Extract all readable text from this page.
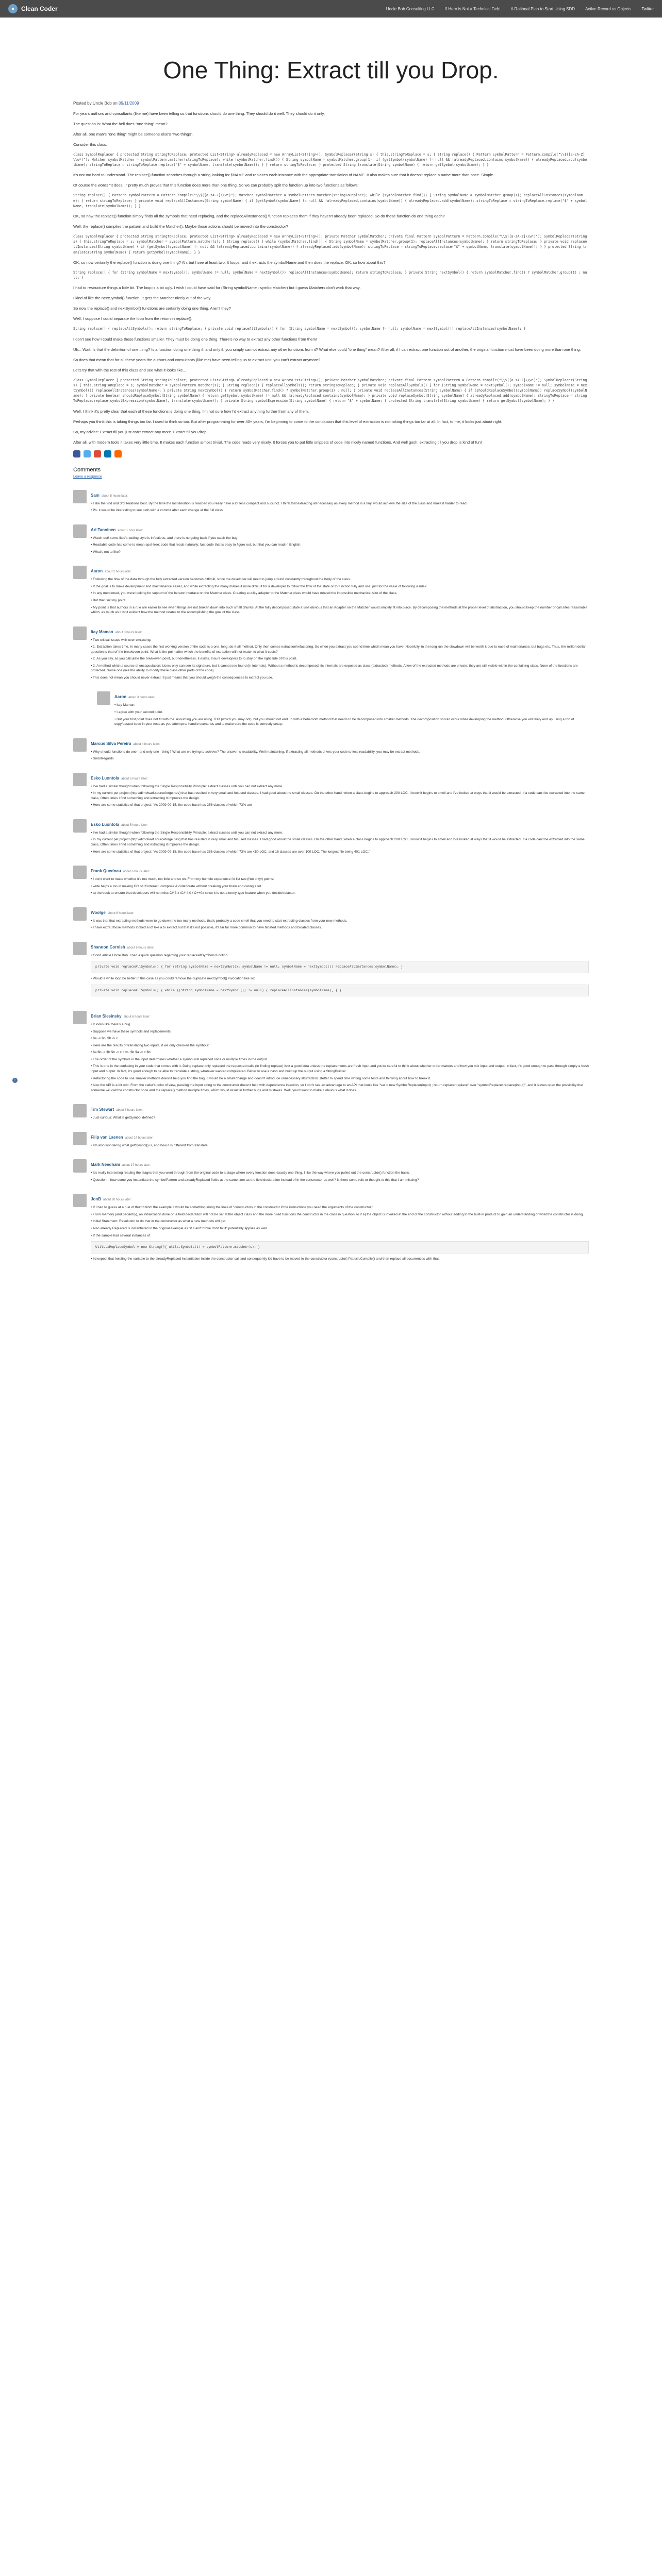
●	Clean Coder	Uncle Bob Consulting LLC	If Hero is Not a Technical Debt	A Rational Plan to Start Using SDD	Active Record vs Objects	Twitter
↑
One Thing: Extract till you Drop.
Posted by Uncle Bob on 09/11/2009

For years authors and consultants (like me) have been telling us that functions should do one thing. They should do it well. They should do it only.

The question is: What the hell does "one thing" mean?

After all, one man's "one thing" might be someone else's "two things".

Consider this class:

class SymbolReplacer { protected String stringToReplace; protected List<String> alreadyReplaced = new ArrayList<String>(); SymbolReplacer(String s) { this.stringToReplace = s; } String replace() { Pattern symbolPattern = Pattern.compile("\\$([a-zA-Z]\\w*)"); Matcher symbolMatcher = symbolPattern.matcher(stringToReplace); while (symbolMatcher.find()) { String symbolName = symbolMatcher.group(1); if (getSymbol(symbolName) != null && !alreadyReplaced.contains(symbolName)) { alreadyReplaced.add(symbolName); stringToReplace = stringToReplace.replace("$" + symbolName, translate(symbolName)); } } return stringToReplace; } protected String translate(String symbolName) { return getSymbol(symbolName); } }

It's not too hard to understand. The replace() function searches through a string looking for $NAME and replaces each instance with the appropriate translation of NAME. It also makes sure that it doesn't replace a name more than once. Simple.

Of course the words "It does..." pretty much proves that this function does more than one thing. So we can probably split the function up into two functions as follows:

String replace() { Pattern symbolPattern = Pattern.compile("\\$([a-zA-Z]\\w*)"); Matcher symbolMatcher = symbolPattern.matcher(stringToReplace); while (symbolMatcher.find()) { String symbolName = symbolMatcher.group(1); replaceAllInstances(symbolName); } return stringToReplace; } private void replaceAllInstances(String symbolName) { if (getSymbol(symbolName) != null && !alreadyReplaced.contains(symbolName)) { alreadyReplaced.add(symbolName); stringToReplace = stringToReplace.replace("$" + symbolName, translate(symbolName)); } }

OK, so now the replace() function simply finds all the symbols that need replacing, and the replaceAllInstances() function replaces them if they haven't already been replaced. So do these function do one thing each?

Well, the replace() compiles the pattern and build the Matcher(). Maybe those actions should be moved into the constructor?

class SymbolReplacer { protected String stringToReplace; protected List<String> alreadyReplaced = new ArrayList<String>(); private Matcher symbolMatcher; private final Pattern symbolPattern = Pattern.compile("\\$([a-zA-Z]\\w*)"); SymbolReplacer(String s) { this.stringToReplace = s; symbolMatcher = symbolPattern.matcher(s); } String replace() { while (symbolMatcher.find()) { String symbolName = symbolMatcher.group(1); replaceAllInstances(symbolName); } return stringToReplace; } private void replaceAllInstances(String symbolName) { if (getSymbol(symbolName) != null && !alreadyReplaced.contains(symbolName)) { alreadyReplaced.add(symbolName); stringToReplace = stringToReplace.replace("$" + symbolName, translate(symbolName)); } } protected String translate(String symbolName) { return getSymbol(symbolName); } }

OK, so now certainly the replace() function is doing one thing? Ah, but I see at least two. It loops, and it extracts the symbolName and then does the replace. OK, so how about this?

String replace() { for (String symbolName = nextSymbol(); symbolName != null; symbolName = nextSymbol()) replaceAllInstances(symbolName); return stringToReplace; } private String nextSymbol() { return symbolMatcher.find() ? symbolMatcher.group(1) : null; }

I had to restructure things a little bit. The loop is a bit ugly. I wish I could have said for (String symbolName : symbolMatcher) but I guess Matchers don't work that way.

I kind of like the nextSymbol() function. It gets the Matcher nicely out of the way.

So now the replace() and nextSymbol() functions are certainly doing one thing. Aren't they?

Well, I suppose I could separate the loop from the return in replace().

String replace() { replaceAllSymbols(); return stringToReplace; } private void replaceAllSymbols() { for (String symbolName = nextSymbol(); symbolName != null; symbolName = nextSymbol()) replaceAllInstances(symbolName); }

I don't see how I could make these functions smaller. They must be doing one thing. There's no way to extract any other functions from them!

Uh... Wait. Is that the definition of one thing? Is a function doing one thing if, and only if, you simply cannot extract any other functions from it? What else could "one thing" mean? After all, if I can extract one function out of another, the original function must have been doing more than one thing.

So does that mean that for all these years the authors and consultants (like me) have been telling us to extract until you can't extract anymore?

Let's try that with the rest of this class and see what it looks like...

class SymbolReplacer { protected String stringToReplace; protected List<String> alreadyReplaced = new ArrayList<String>(); private Matcher symbolMatcher; private final Pattern symbolPattern = Pattern.compile("\\$([a-zA-Z]\\w*)"); SymbolReplacer(String s) { this.stringToReplace = s; symbolMatcher = symbolPattern.matcher(s); } String replace() { replaceAllSymbols(); return stringToReplace; } private void replaceAllSymbols() { for (String symbolName = nextSymbol(); symbolName != null; symbolName = nextSymbol()) replaceAllInstances(symbolName); } private String nextSymbol() { return symbolMatcher.find() ? symbolMatcher.group(1) : null; } private void replaceAllInstances(String symbolName) { if (shouldReplaceSymbol(symbolName)) replaceSymbol(symbolName); } private boolean shouldReplaceSymbol(String symbolName) { return getSymbol(symbolName) != null && !alreadyReplaced.contains(symbolName); } private void replaceSymbol(String symbolName) { alreadyReplaced.add(symbolName); stringToReplace = stringToReplace.replace(symbolExpression(symbolName), translate(symbolName)); } private String symbolExpression(String symbolName) { return "$" + symbolName; } protected String translate(String symbolName) { return getSymbol(symbolName); } }

Well, I think it's pretty clear that each of these functions is doing one thing. I'm not sure how I'd extract anything further from any of them.

Perhaps you think this is taking things too far. I used to think so too. But after programming for over 40+ years, I'm beginning to come to the conclusion that this level of extraction is not taking things too far at all. In fact, to me, it looks just about right.

So, my advice: Extract till you just can't extract any more. Extract till you drop.

After all, with modern tools it takes very little time. It makes each function almost trivial. The code reads very nicely. It forces you to put little snippets of code into nicely named functions. And well gosh, extracting till you drop is kind of fun!

Comments
Leave a response
Sam about 8 hours later:
• I like the 2nd and 3rd iterations best. By the time the last iteration is reached you really have a lot less compact and succinct. I think that extracting all necessary as every method is a tiny, would achieve the size of the class and make it harder to read.
• Ps. it would be interesting to see path with a commit after each change at the full class.
Ari Tanninen about 1 hour later:
• Watch out! some little's coding style is infectious, and there is no going back if you catch the bug!
• Readable code has come to mean spot-free: code that reads naturally; fast code that is easy to figure out, but that you can read in English.
• What's not to like?
Aaron about 2 hours later:
• Following the flow of the data through the fully extracted version becomes difficult, since the developer will need to jump around constantly throughout the body of the class.
• If the goal is to make development and maintenance easier, and while extracting the many makes it more difficult for a developer to follow the flow of the state or to function fully and use, just for the value of following a rule?
• In any mentioned, you were looking for support of the Iterator interface on the Matcher class. Creating a utility adapter to the Matcher class would have moved the impossible mechanical size of the class.
• But that isn't my point.
• My point is that authors in a rule are easier to see when things are not broken down into such small chunks. At the fully decomposed state it isn't obvious that an Adapter on the Matcher would simplify fit into place. By decomposing the methods at the proper level of abstraction, you should keep the number of call sites reasonable which, as much as it isn't evident how the method relates to the accomplishing the goal of the class.
Itay Maman about 3 hours later:
• Two critical issues with over extracting:
• 1. Extraction takes time. In many cases the first working version of the code is a one, long, do-it-all method. Only then comes extraction/refactoring. So when you extract you spend time which mean you have. Hopefully, in the long run the slowdown will be worth it due to ease of maintenance, but bugs etc. Thus, the million dollar question is that of the breakeven point: What is the point after which the benefits of extraction will not match to what it costs?
• 2. As you say, as you calculate the breakeven point, but nonetheless, it exists. Insure developers to to stay on the right side of this point.
• 2. A method which a source of encapsulation: Users only can see its signature, but it cannot see found (in internals). Without a method is decomposed, its internals are exposed as class (extracted) methods. A few of the extracted methods are private; they are still visible within the containing class. None of the functions are protected. Some one (like the ability to modify these class other parts of the code).
• This does not mean you should never extract. It just means that you should weigh the consequences to extract you use.
Aaron about 3 hours later:
• Itay Maman:
• I agree with your second point.
• But your first point does not fit with me. Assuming you are using TDD (which you may not), but you should not end up with a behemoth method that needs to be decomposed into smaller methods. The decomposition should occur while developing the method. Otherwise you will likely end up using a ton of copy/pasted code in your tests as you attempt to handle scenarios and to make sure the code is correctly setup.
Marcus Silva Pereira about 4 hours later:
• Why should functions do one - and only one - thing? What are we trying to achieve? The answer is readability. Well maintaining, If extracting all methods drives your code to less readability, you may be extract methods.
• Smb/Regards
Esko Luontola about 5 hours later:
• I've had a similar thought when following the Single Responsibility Principle: extract classes until you can not extract any more.
• In my current pet project (http://dimdwarf.sourceforge.net/) that has resulted in very small and focused classes. I had good about the small classes. On the other hand, when a class begins to approach 200 LOC, I knew it begins to smell and I've looked at ways that it would be extracted. If a code can't be extracted into the same class, Often times I find something and extracting it improves the design.
• Here are some statistics of that project: "As 2009-09-15, the code base has 256 classes of which 73% are
Esko Luontola about 5 hours later:
• I've had a similar thought when following the Single Responsibility Principle: extract classes until you can not extract any more.
• In my current pet project (http://dimdwarf.sourceforge.net/) that has resulted in very small and focused classes. I had good about the small classes. On the other hand, when a class begins to approach 200 LOC, I know it begins to smell and I've looked at ways that it would be extracted. If a code can't be extracted into the same class, Often times I find something and extracting it improves the design.
• Here are some statistics of that project: "As 2009-09-15, the code base has 256 classes of which 73% are <50 LOC, and 16 classes are over 100 LOC. The longest file being 401 LOC."
Frank Quednau about 6 hours later:
• I don't want to make whether it's too much, too little and so on. From my humble experience I'd list two (Not only!) points:
• wide helps a ton in making OO stuff interact, compose & collaborate without breaking your brain and caring a lot.
• a) the book to ensure that developers will not miss C# 3.x /C# 4.0 / C++0x since it is not a teeny-type feature when you decide/refactor.
Woolge about 6 hours later:
• It was that that extracting methods were to go down the too many methods, that's probably a code smell that you need to start extracting classes from your new methods.
• I have extra; those methods looked a lot like a to extract but that it's not possible, it's far far more common to have bloated methods and bloated classes.
Shannon Cornish about 6 hours later:
• Good article Uncle Bob. I had a quick question regarding your replaceAllSymbols function.
private void replaceAllSymbols() { for (String symbolName = nextSymbol(); symbolName != null; symbolName = nextSymbol()) replaceAllInstances(symbolName); }
• Would a while loop be better in this case as you could remove the duplicate nextSymbol() invocation like so:
private void replaceAllSymbols() { while ((String symbolName = nextSymbol()) != null) { replaceAllInstances(symbolName); } }
Brian Slesinsky about 6 hours later:
• It looks like there's a bug.
• Suppose we have these symbols and replacements:
• $a -> $b, $b -> c
• Here are the results of translating two inputs, if we only checked the symbols:
• $a $b -> $b $b -> c c vs. $b $a -> c $b
• The order of the symbols in the input determines whether a symbol will replaced once or multiple times in the output.
• This is one in the confusing in your code that comes with it. Doing replace only replaced the requested calls (In finding replace) isn't a good idea unless the replacements are fresh input and you're careful to think about whether order matters and how you mix input and output. In fact, it's good enough to pass through simply a fresh input and output. In fact, it's good enough to be able to translate a string, whatever wanted complicated. Better to use a hash and build up the output using a StringBuilder.
• Refactoring the code to use smaller methods doesn't help you find the bug. It would be a small change and doesn't introduce unnecessary abstraction. Better to spend time writing some tests and thinking about how to break it.
• Also the API is a bit odd. From the caller's point of view, passing the input string to the constructor doesn't help with dependence injection, so I don't see an advantage to an API that looks like "var = new SymbolReplacer(input) ; return replacer.replace" over "symbolReplacer.replace(input)", and it leaves open the possibility that someone will call the constructor once and the replace() method multiple times, which would result in further bugs and mistakes. Well, you'd want to make it obvious what it does.
Tim Stewart about 8 hours later:
• Just curious: What is getSymbol defined?
Filip van Laenen about 14 hours later:
• I'm also wondering what getSymbol() is, and how it is different from translate.
Mark Needham about 17 hours later:
• It's really interesting reading the stages that you went through from the original code to a stage where every function does exactly one thing. I like the way where you pulled out the constructor() function the basis.
• Question – how come you instantiate the symbolPattern and alreadyReplaced fields at the same time as the field declaration instead of in the constructor as well? Is there some rule or thought to this that I am missing?
JonB about 20 hours later:
• If I had to guess at a rule of thumb from the example it would be something along the lines of "constructors in the constructor if the instructions you need the arguments of the constructor."
• From memory (and pedantry), an initialization done on a field declaration will not be set at the object class and the more ruled functions the constructor in the class in question so if a) the object is invoked at the end of the constructor without adding to the built-in product to gain an understanding of what the constructor is doing.
• Initial Statement: Resolution to do that in the constructor as what a new methods will get.
• Also already Replaced is instantiated in the original example as "if it ain't broke don't fix it" potentially applies as well.
• If the sample had several instances of
Utils.aReplaceSymbol = new String[]{ utils.Symbols(i) = symbolPattern.matcher(s); }
• I'd expect that hoisting the variable to the alreadyReplaced instantiation inside the constructor call and consequently it'd have to be moved to the constructor (constructor) Pattern.Compile() and then replace all occurrences with that.
